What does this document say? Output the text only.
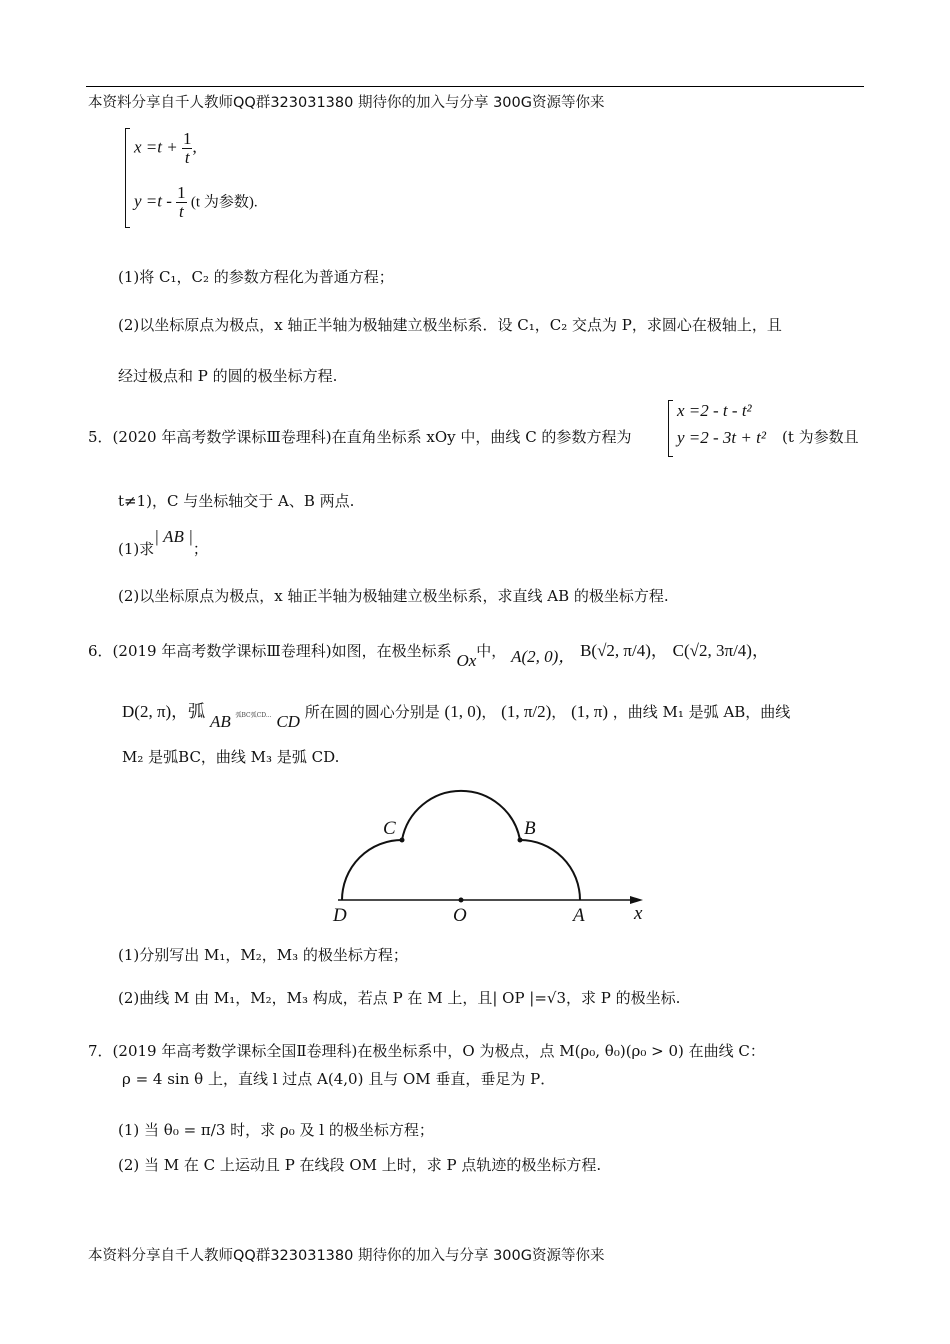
本资料分享自千人教师QQ群323031380 期待你的加入与分享 300G资源等你来
$x =t + \frac{1}{t}$ ,
$y =t - \frac{1}{t} (t$ 为参数).
(1)将 C₁，C₂ 的参数方程化为普通方程；
(2)以坐标原点为极点，x 轴正半轴为极轴建立极坐标系．设 C₁，C₂ 交点为 P，求圆心在极轴上，且
经过极点和 P 的圆的极坐标方程.
5．(2020 年高考数学课标Ⅲ卷理科)在直角坐标系 xOy 中，曲线 C 的参数方程为
x =2 - t - t²
y =2 - 3t + t² (t 为参数且
t≠1)，C 与坐标轴交于 A、B 两点.
(1)求| AB |；
(2)以坐标原点为极点，x 轴正半轴为极轴建立极坐标系，求直线 AB 的极坐标方程.
6．(2019 年高考数学课标Ⅲ卷理科)如图，在极坐标系 Ox中， A(2, 0)， B(√2, π/4)， C(√2, 3π/4)，
D(2, π)，弧 AB 弧BC弧CD... CD 所在圆的圆心分别是 (1, 0)， (1, π/2)， (1, π) ，曲线 M₁ 是弧 AB，曲线
M₂ 是弧BC，曲线 M₃ 是弧 CD.
C	B
D	O	A	x
(1)分别写出 M₁，M₂，M₃ 的极坐标方程；
(2)曲线 M 由 M₁，M₂，M₃ 构成，若点 P 在 M 上，且| OP |=√3，求 P 的极坐标.
7．(2019 年高考数学课标全国Ⅱ卷理科)在极坐标系中，O 为极点，点 M(ρ₀, θ₀)(ρ₀ > 0) 在曲线 C：
ρ = 4 sin θ 上，直线 l 过点 A(4,0) 且与 OM 垂直，垂足为 P．
(1) 当 θ₀ = π/3 时，求 ρ₀ 及 l 的极坐标方程；
(2) 当 M 在 C 上运动且 P 在线段 OM 上时，求 P 点轨迹的极坐标方程.
本资料分享自千人教师QQ群323031380 期待你的加入与分享 300G资源等你来
